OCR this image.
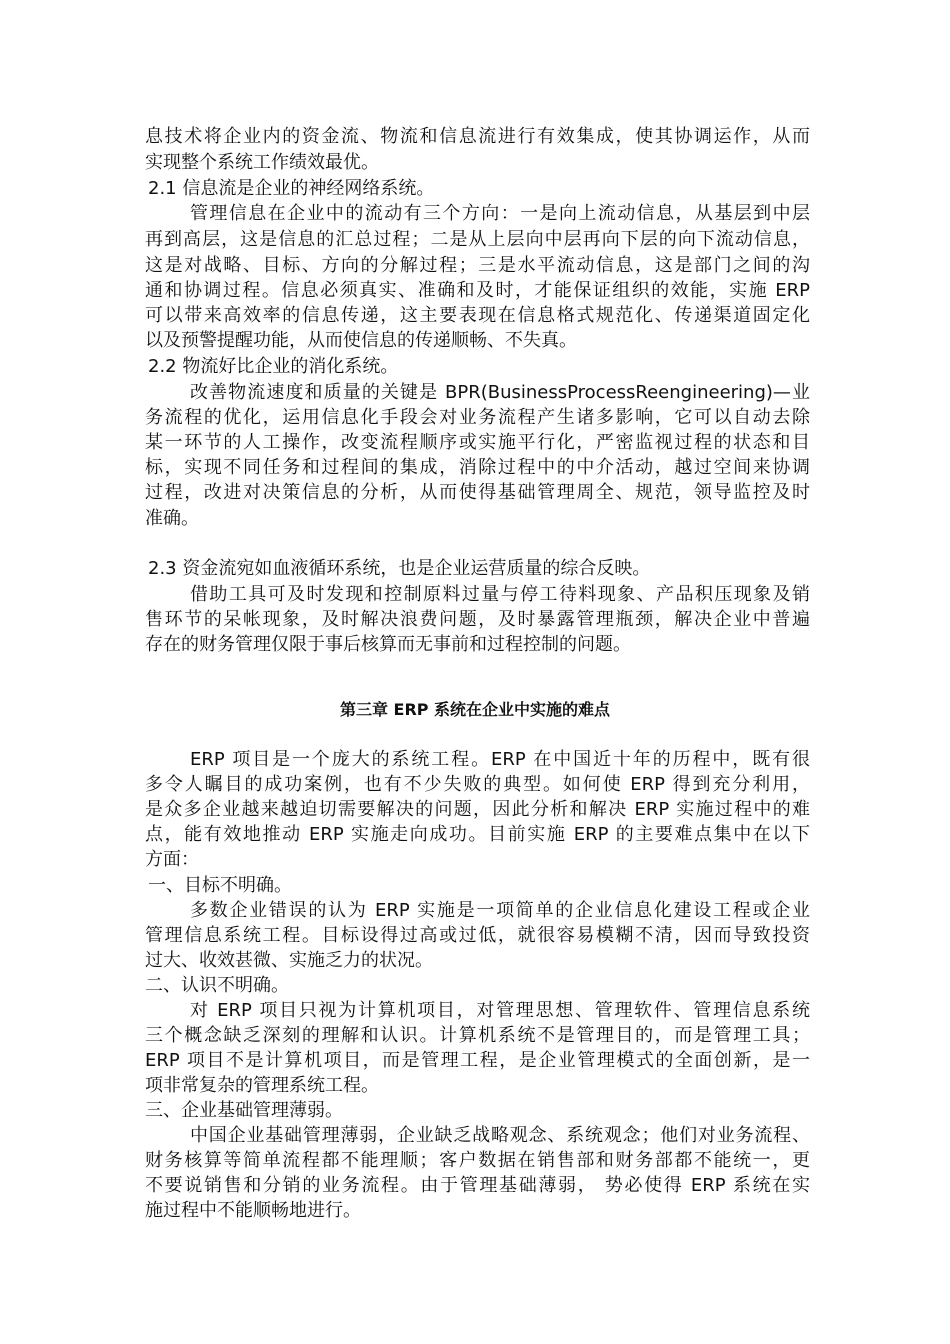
息技术将企业内的资金流、物流和信息流进行有效集成，使其协调运作，从而
实现整个系统工作绩效最优。
2.1 信息流是企业的神经网络系统。
管理信息在企业中的流动有三个方向：一是向上流动信息，从基层到中层
再到高层，这是信息的汇总过程；二是从上层向中层再向下层的向下流动信息，
这是对战略、目标、方向的分解过程；三是水平流动信息，这是部门之间的沟
通和协调过程。信息必须真实、准确和及时，才能保证组织的效能，实施 ERP
可以带来高效率的信息传递，这主要表现在信息格式规范化、传递渠道固定化
以及预警提醒功能，从而使信息的传递顺畅、不失真。
2.2 物流好比企业的消化系统。
改善物流速度和质量的关键是 BPR(BusinessProcessReengineering)—业
务流程的优化，运用信息化手段会对业务流程产生诸多影响，它可以自动去除
某一环节的人工操作，改变流程顺序或实施平行化，严密监视过程的状态和目
标，实现不同任务和过程间的集成，消除过程中的中介活动，越过空间来协调
过程，改进对决策信息的分析，从而使得基础管理周全、规范，领导监控及时
准确。
2.3 资金流宛如血液循环系统，也是企业运营质量的综合反映。
借助工具可及时发现和控制原料过量与停工待料现象、产品积压现象及销
售环节的呆帐现象，及时解决浪费问题，及时暴露管理瓶颈，解决企业中普遍
存在的财务管理仅限于事后核算而无事前和过程控制的问题。
第三章 ERP 系统在企业中实施的难点
ERP 项目是一个庞大的系统工程。ERP 在中国近十年的历程中，既有很
多令人瞩目的成功案例，也有不少失败的典型。如何使 ERP 得到充分利用，
是众多企业越来越迫切需要解决的问题，因此分析和解决 ERP 实施过程中的难
点，能有效地推动 ERP 实施走向成功。目前实施 ERP 的主要难点集中在以下
方面：
一、目标不明确。
多数企业错误的认为 ERP 实施是一项简单的企业信息化建设工程或企业
管理信息系统工程。目标设得过高或过低，就很容易模糊不清，因而导致投资
过大、收效甚微、实施乏力的状况。
二、认识不明确。
对 ERP 项目只视为计算机项目，对管理思想、管理软件、管理信息系统
三个概念缺乏深刻的理解和认识。计算机系统不是管理目的，而是管理工具；
ERP 项目不是计算机项目，而是管理工程，是企业管理模式的全面创新，是一
项非常复杂的管理系统工程。
三、企业基础管理薄弱。
中国企业基础管理薄弱，企业缺乏战略观念、系统观念；他们对业务流程、
财务核算等简单流程都不能理顺；客户数据在销售部和财务部都不能统一，更
不要说销售和分销的业务流程。由于管理基础薄弱， 势必使得 ERP 系统在实
施过程中不能顺畅地进行。
